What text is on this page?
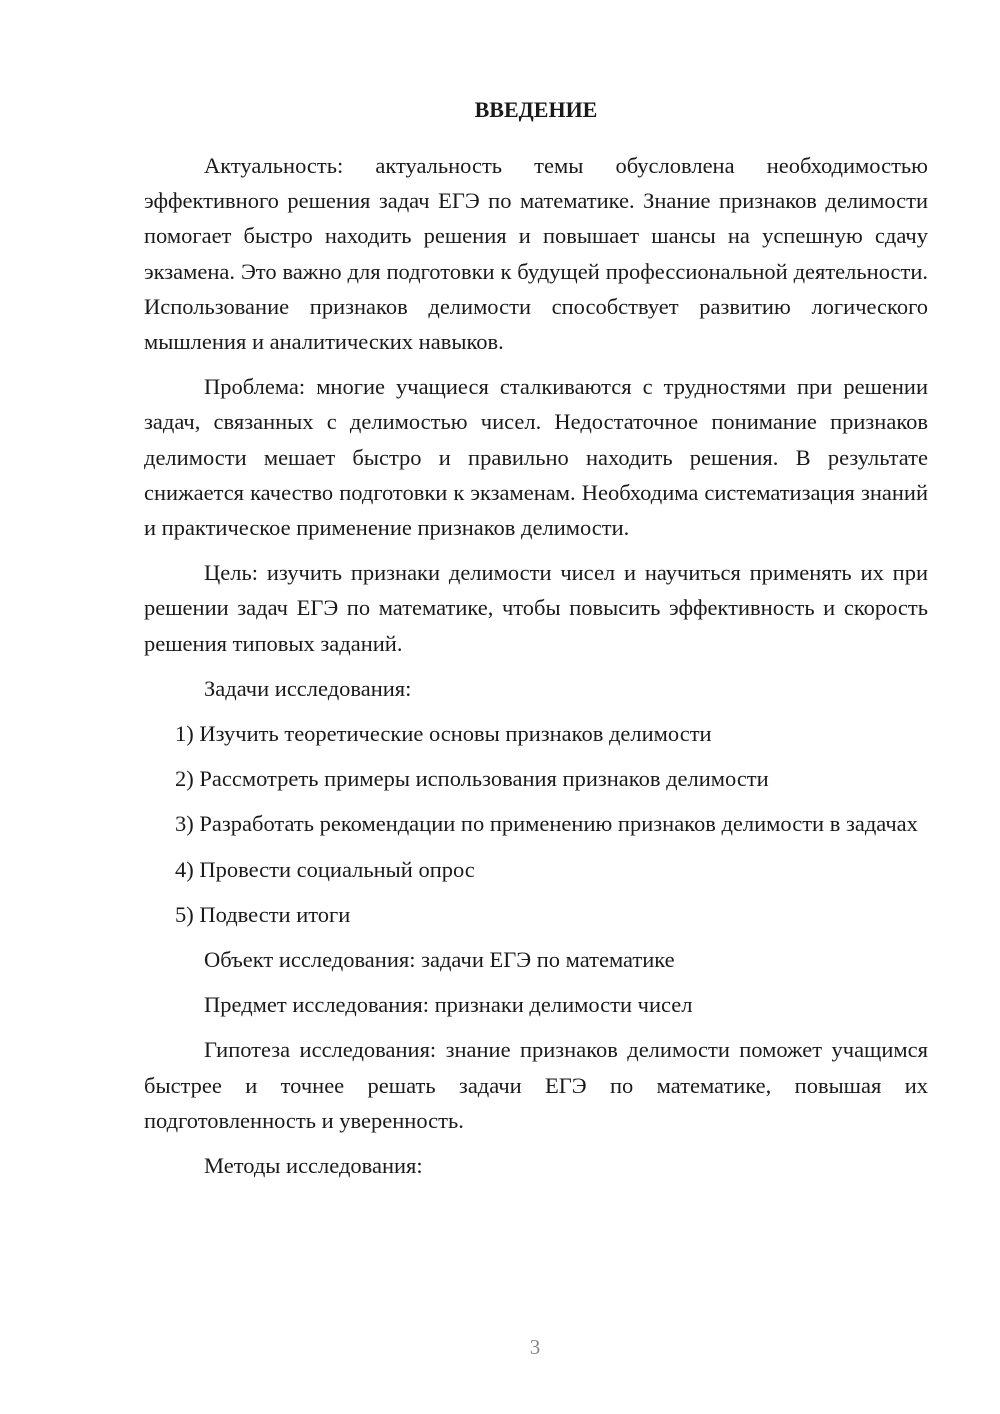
ВВЕДЕНИЕ

Актуальность: актуальность темы обусловлена необходимостью эффективного решения задач ЕГЭ по математике. Знание признаков делимости помогает быстро находить решения и повышает шансы на успешную сдачу экзамена. Это важно для подготовки к будущей профессиональной деятельности. Использование признаков делимости способствует развитию логического мышления и аналитических навыков.

Проблема: многие учащиеся сталкиваются с трудностями при решении задач, связанных с делимостью чисел. Недостаточное понимание признаков делимости мешает быстро и правильно находить решения. В результате снижается качество подготовки к экзаменам. Необходима систематизация знаний и практическое применение признаков делимости.

Цель: изучить признаки делимости чисел и научиться применять их при решении задач ЕГЭ по математике, чтобы повысить эффективность и скорость решения типовых заданий.

Задачи исследования:

1) Изучить теоретические основы признаков делимости

2) Рассмотреть примеры использования признаков делимости

3) Разработать рекомендации по применению признаков делимости в задачах

4) Провести социальный опрос

5) Подвести итоги

Объект исследования: задачи ЕГЭ по математике

Предмет исследования: признаки делимости чисел

Гипотеза исследования: знание признаков делимости поможет учащимся быстрее и точнее решать задачи ЕГЭ по математике, повышая их подготовленность и уверенность.

Методы исследования:

3
